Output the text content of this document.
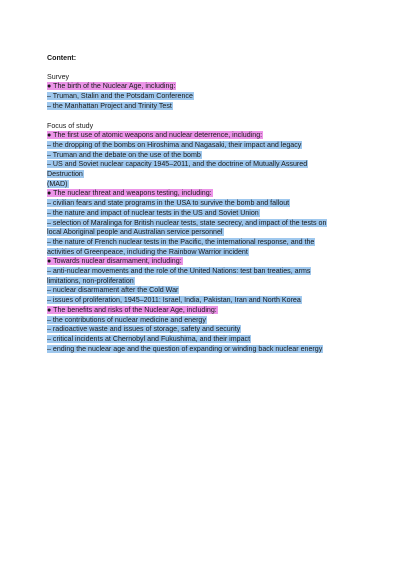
Content:
Survey
● The birth of the Nuclear Age, including:
– Truman, Stalin and the Potsdam Conference
– the Manhattan Project and Trinity Test
Focus of study
● The first use of atomic weapons and nuclear deterrence, including:
– the dropping of the bombs on Hiroshima and Nagasaki, their impact and legacy
– Truman and the debate on the use of the bomb
– US and Soviet nuclear capacity 1945–2011, and the doctrine of Mutually Assured
Destruction
(MAD)
● The nuclear threat and weapons testing, including:
– civilian fears and state programs in the USA to survive the bomb and fallout
– the nature and impact of nuclear tests in the US and Soviet Union
– selection of Maralinga for British nuclear tests, state secrecy, and impact of the tests on
local Aboriginal people and Australian service personnel
– the nature of French nuclear tests in the Pacific, the international response, and the
activities of Greenpeace, including the Rainbow Warrior incident
● Towards nuclear disarmament, including:
– anti-nuclear movements and the role of the United Nations: test ban treaties, arms
limitations, non-proliferation
– nuclear disarmament after the Cold War
– issues of proliferation, 1945–2011: Israel, India, Pakistan, Iran and North Korea
● The benefits and risks of the Nuclear Age, including:
– the contributions of nuclear medicine and energy
– radioactive waste and issues of storage, safety and security
– critical incidents at Chernobyl and Fukushima, and their impact
– ending the nuclear age and the question of expanding or winding back nuclear energy
